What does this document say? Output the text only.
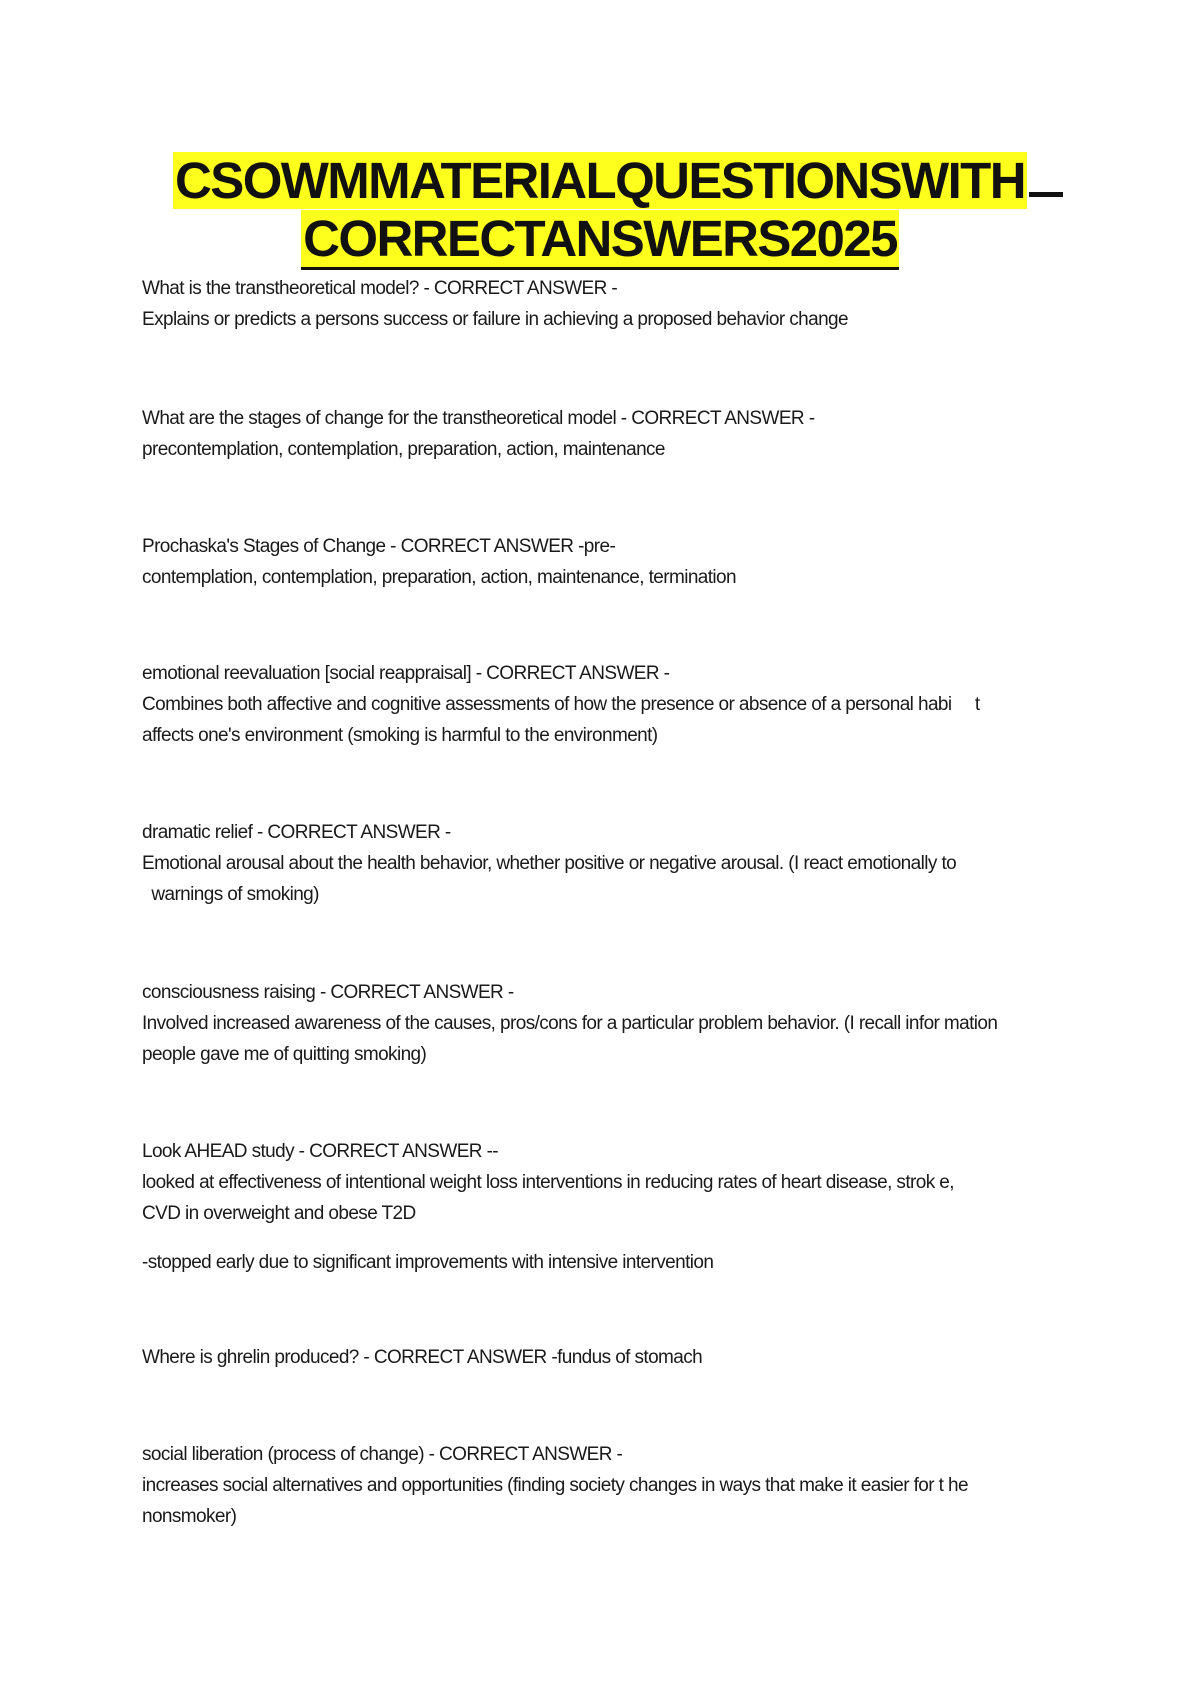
CSOWMMATERIALQUESTIONSWITH
CORRECTANSWERS2025

What is the transtheoretical model? - CORRECT ANSWER -

Explains or predicts a persons success or failure in achieving a proposed behavior change

What are the stages of change for the transtheoretical model - CORRECT ANSWER -

precontemplation, contemplation, preparation, action, maintenance

Prochaska's Stages of Change - CORRECT ANSWER -pre-

contemplation, contemplation, preparation, action, maintenance, termination

emotional reevaluation [social reappraisal] - CORRECT ANSWER -

Combines both affective and cognitive assessments of how the presence or absence of a personal habi     t

affects one's environment (smoking is harmful to the environment)

dramatic relief - CORRECT ANSWER -

Emotional arousal about the health behavior, whether positive or negative arousal. (I react emotionally to

warnings of smoking)

consciousness raising - CORRECT ANSWER -

Involved increased awareness of the causes, pros/cons for a particular problem behavior. (I recall infor mation

people gave me of quitting smoking)

Look AHEAD study - CORRECT ANSWER --

looked at effectiveness of intentional weight loss interventions in reducing rates of heart disease, strok e,

CVD in overweight and obese T2D

-stopped early due to significant improvements with intensive intervention

Where is ghrelin produced? - CORRECT ANSWER -fundus of stomach

social liberation (process of change) - CORRECT ANSWER -

increases social alternatives and opportunities (finding society changes in ways that make it easier for t he

nonsmoker)
